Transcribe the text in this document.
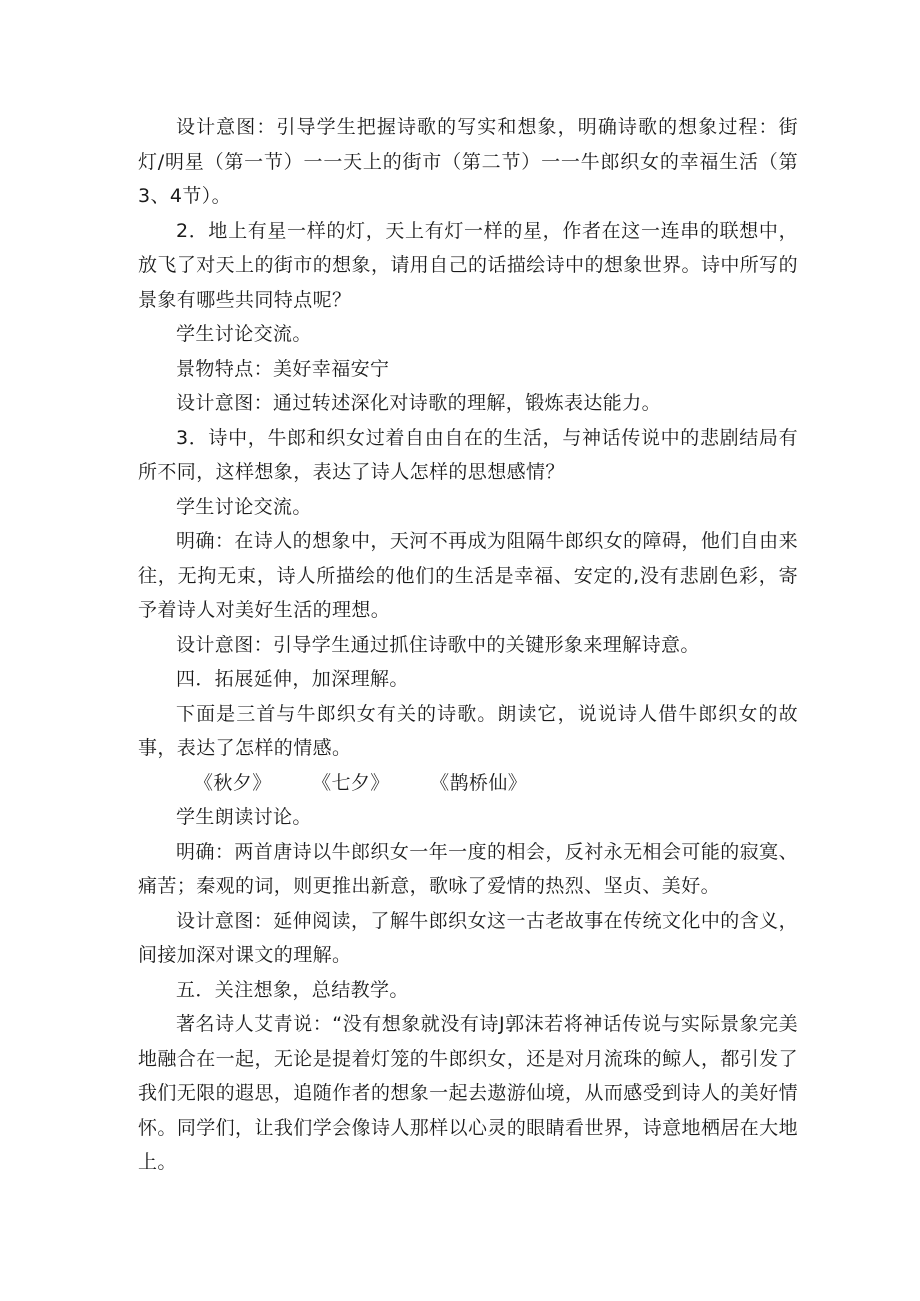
设计意图：引导学生把握诗歌的写实和想象，明确诗歌的想象过程：街灯/明星（第一节）一一天上的街市（第二节）一一牛郎织女的幸福生活（第3、4节）。

2．地上有星一样的灯，天上有灯一样的星，作者在这一连串的联想中，放飞了对天上的街市的想象，请用自己的话描绘诗中的想象世界。诗中所写的景象有哪些共同特点呢？

学生讨论交流。

景物特点：美好幸福安宁

设计意图：通过转述深化对诗歌的理解，锻炼表达能力。

3．诗中，牛郎和织女过着自由自在的生活，与神话传说中的悲剧结局有所不同，这样想象，表达了诗人怎样的思想感情？

学生讨论交流。

明确：在诗人的想象中，天河不再成为阻隔牛郎织女的障碍，他们自由来往，无拘无束，诗人所描绘的他们的生活是幸福、安定的,没有悲剧色彩，寄予着诗人对美好生活的理想。

设计意图：引导学生通过抓住诗歌中的关键形象来理解诗意。

四．拓展延伸，加深理解。

下面是三首与牛郎织女有关的诗歌。朗读它，说说诗人借牛郎织女的故事，表达了怎样的情感。

《秋夕》 《七夕》 《鹊桥仙》

学生朗读讨论。

明确：两首唐诗以牛郎织女一年一度的相会，反衬永无相会可能的寂寞、痛苦；秦观的词，则更推出新意，歌咏了爱情的热烈、坚贞、美好。

设计意图：延伸阅读，了解牛郎织女这一古老故事在传统文化中的含义，间接加深对课文的理解。

五．关注想象，总结教学。

著名诗人艾青说：“没有想象就没有诗J郭沫若将神话传说与实际景象完美地融合在一起，无论是提着灯笼的牛郎织女，还是对月流珠的鲸人，都引发了我们无限的遐思，追随作者的想象一起去遨游仙境，从而感受到诗人的美好情怀。同学们，让我们学会像诗人那样以心灵的眼睛看世界，诗意地栖居在大地上。
